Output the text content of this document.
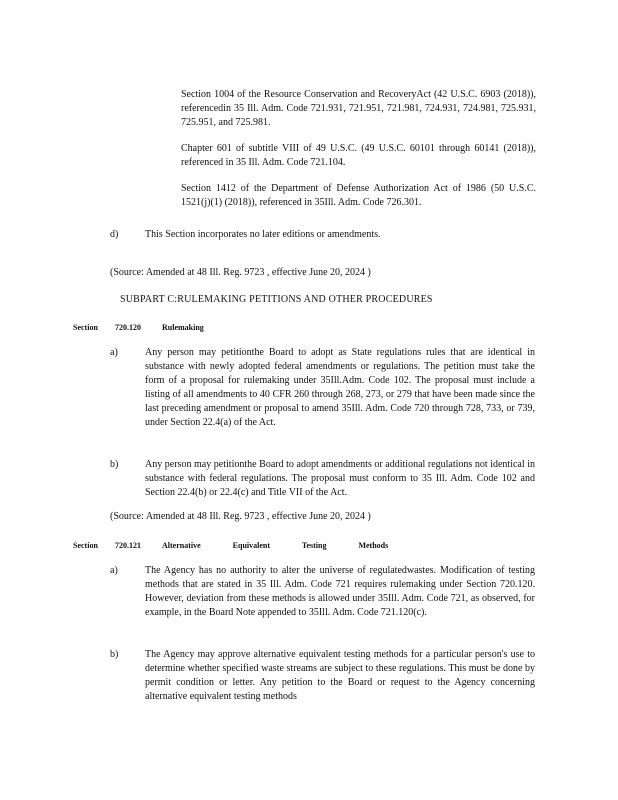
Section 1004 of the Resource Conservation and RecoveryAct (42 U.S.C. 6903 (2018)), referencedin 35 Ill. Adm. Code 721.931, 721.951, 721.981, 724.931, 724.981, 725.931, 725.951, and 725.981.

Chapter 601 of subtitle VIII of 49 U.S.C. (49 U.S.C. 60101 through 60141 (2018)), referenced in 35 Ill. Adm. Code 721.104.

Section 1412 of the Department of Defense Authorization Act of 1986 (50 U.S.C. 1521(j)(1) (2018)), referenced in 35Ill. Adm. Code 726.301.

d)	This Section incorporates no later editions or amendments.
(Source: Amended at 48 Ill. Reg. 9723 , effective June 20, 2024 )
SUBPART C:RULEMAKING PETITIONS AND OTHER PROCEDURES
Section 720.120	Rulemaking
a)	Any person may petitionthe Board to adopt as State regulations rules that are identical in substance with newly adopted federal amendments or regulations. The petition must take the form of a proposal for rulemaking under 35Ill.Adm. Code 102. The proposal must include a listing of all amendments to 40 CFR 260 through 268, 273, or 279 that have been made since the last preceding amendment or proposal to amend 35Ill. Adm. Code 720 through 728, 733, or 739, under Section 22.4(a) of the Act.
b)	Any person may petitionthe Board to adopt amendments or additional regulations not identical in substance with federal regulations. The proposal must conform to 35 Ill. Adm. Code 102 and Section 22.4(b) or 22.4(c) and Title VII of the Act.
(Source: Amended at 48 Ill. Reg. 9723 , effective June 20, 2024 )
Section 720.121	Alternative Equivalent Testing Methods
a)	The Agency has no authority to alter the universe of regulatedwastes. Modification of testing methods that are stated in 35 Ill. Adm. Code 721 requires rulemaking under Section 720.120. However, deviation from these methods is allowed under 35Ill. Adm. Code 721, as observed, for example, in the Board Note appended to 35Ill. Adm. Code 721.120(c).
b)	The Agency may approve alternative equivalent testing methods for a particular person's use to determine whether specified waste streams are subject to these regulations. This must be done by permit condition or letter. Any petition to the Board or request to the Agency concerning alternative equivalent testing methods
